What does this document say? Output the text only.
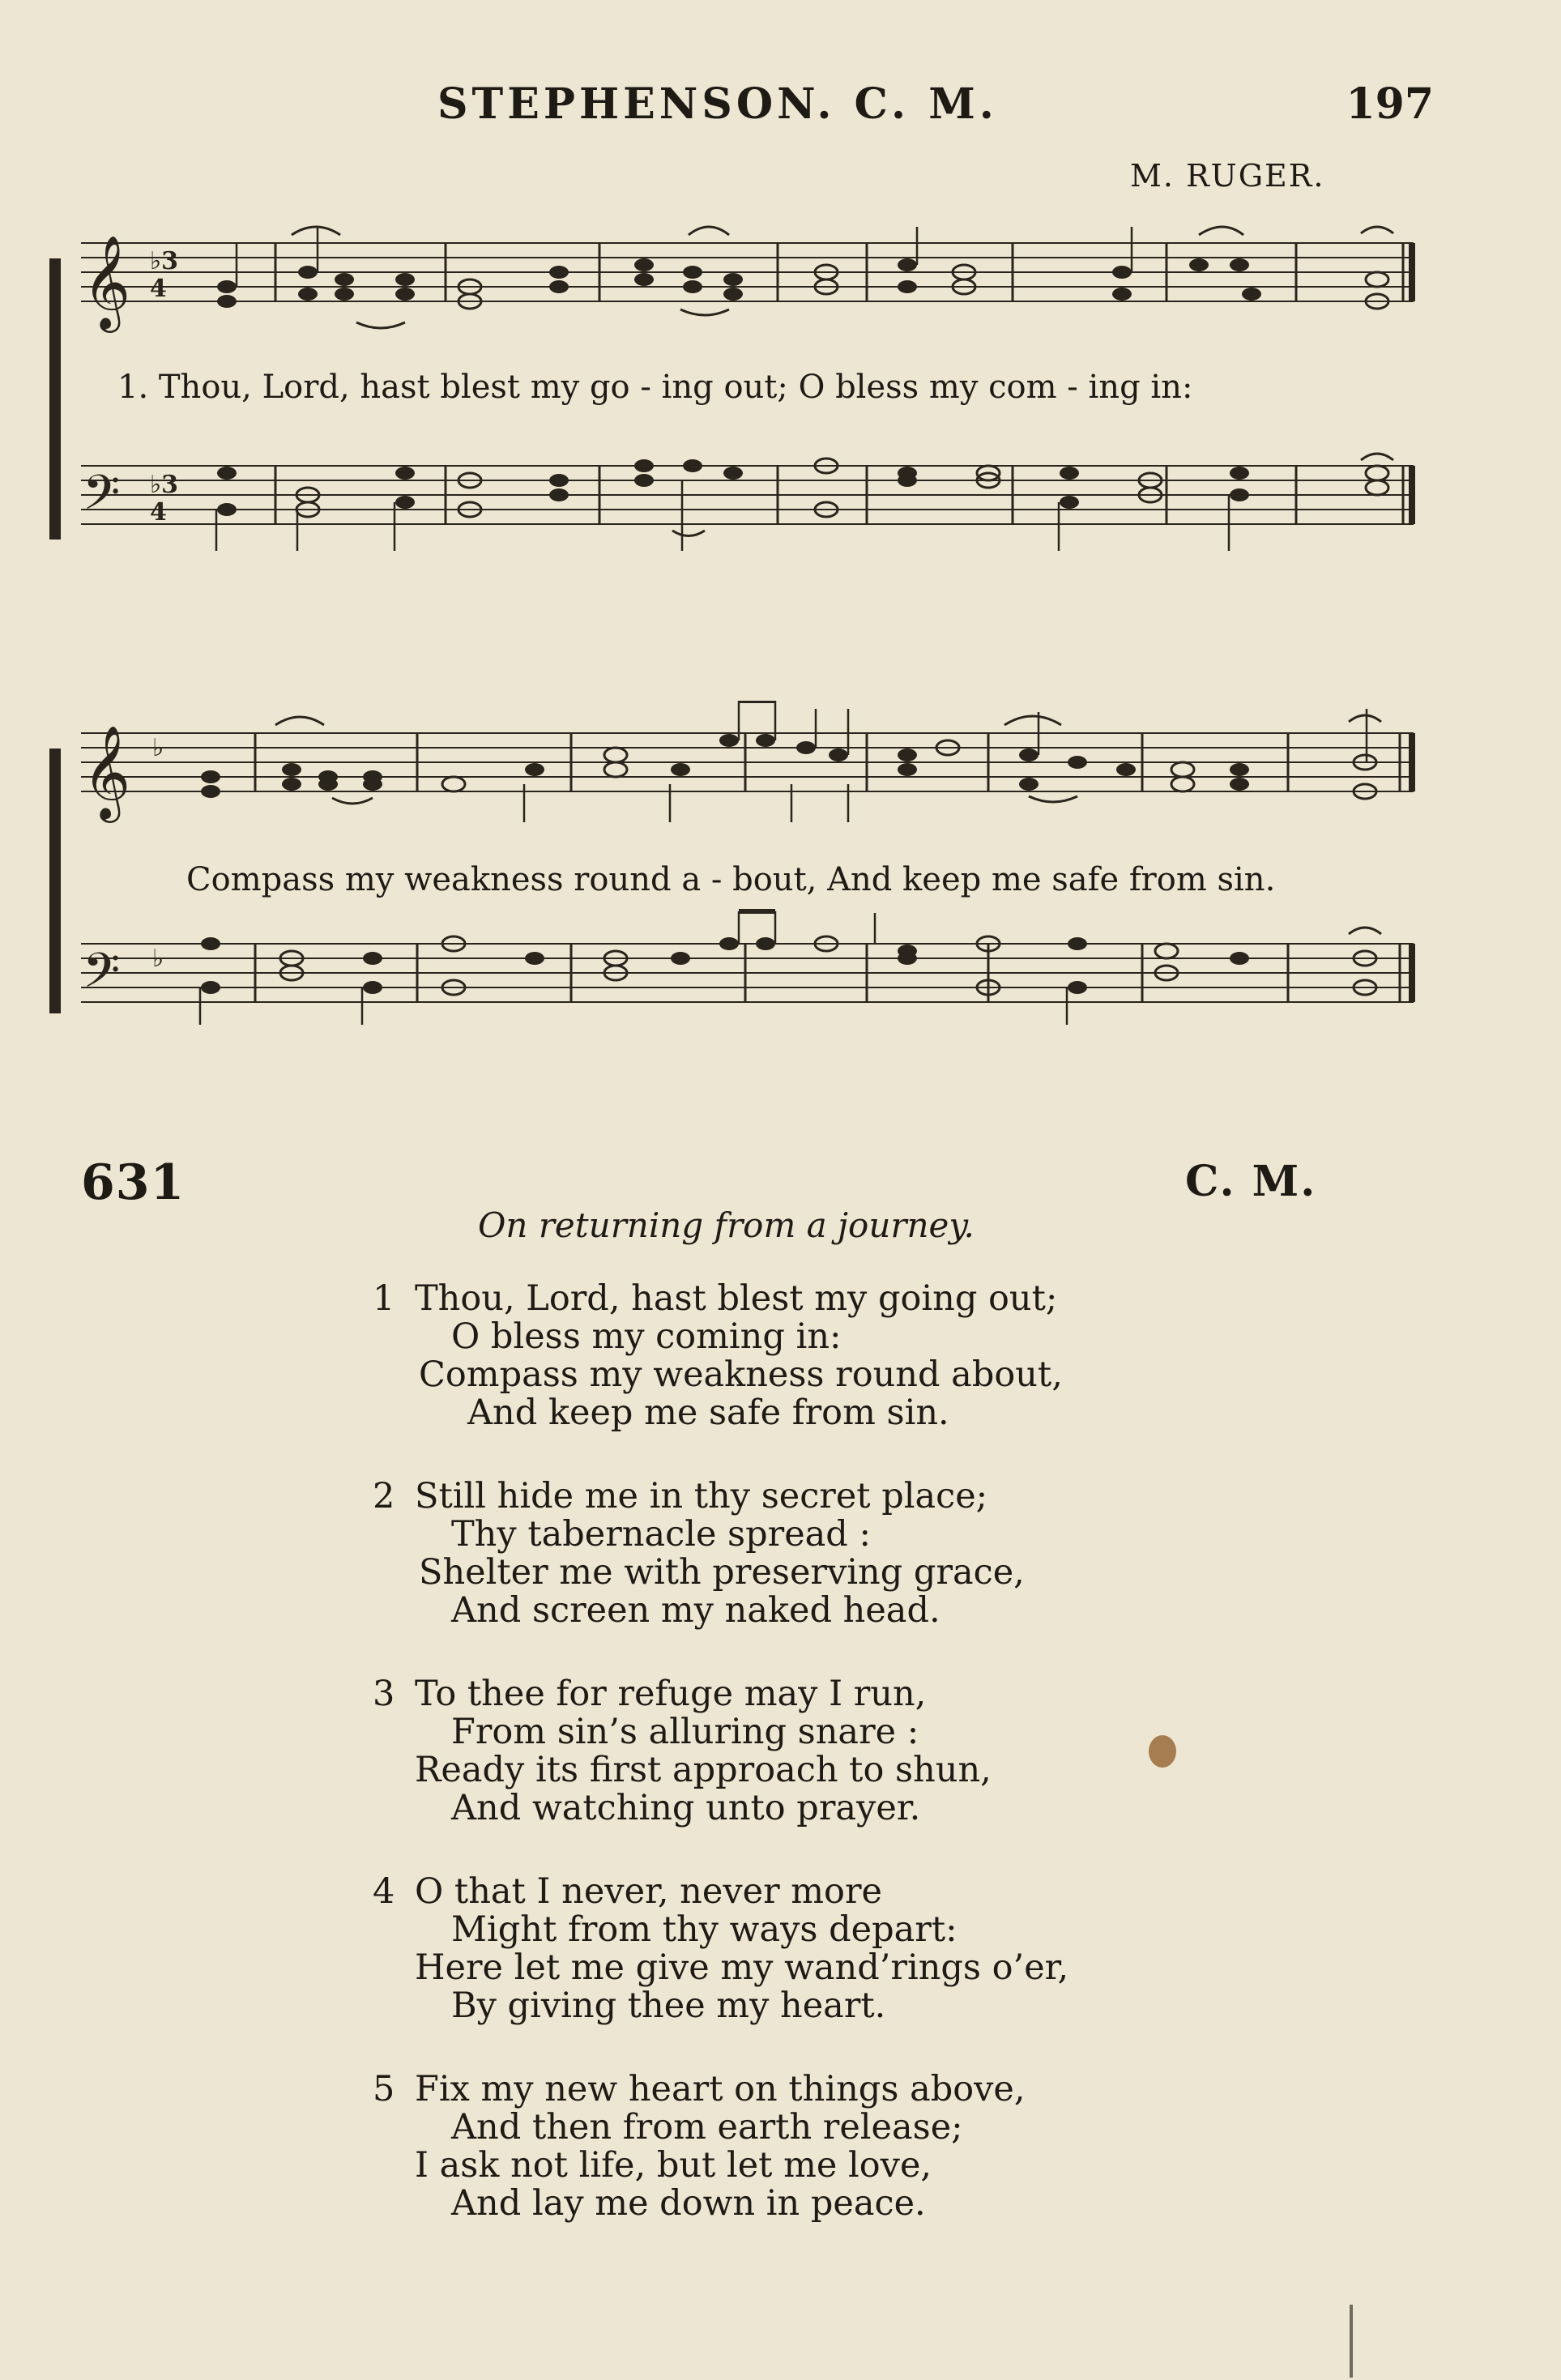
STEPHENSON. C. M.	197
M. RUGER.
𝄞
𝄢
♭3
4
♭3
4
1. Thou, Lord, hast blest my go - ing out; O bless my com - ing in:
𝄞
𝄢
♭
♭
Compass my weakness round a - bout, And keep me safe from sin.
631	C. M.
On returning from a journey.
1 Thou, Lord, hast blest my going out;
O bless my coming in:
Compass my weakness round about,
And keep me safe from sin.
2 Still hide me in thy secret place;
Thy tabernacle spread :
Shelter me with preserving grace,
And screen my naked head.
3 To thee for refuge may I run,
From sin’s alluring snare :
Ready its first approach to shun,
And watching unto prayer.
4 O that I never, never more
Might from thy ways depart:
Here let me give my wand’rings o’er,
By giving thee my heart.
5 Fix my new heart on things above,
And then from earth release;
I ask not life, but let me love,
And lay me down in peace.
